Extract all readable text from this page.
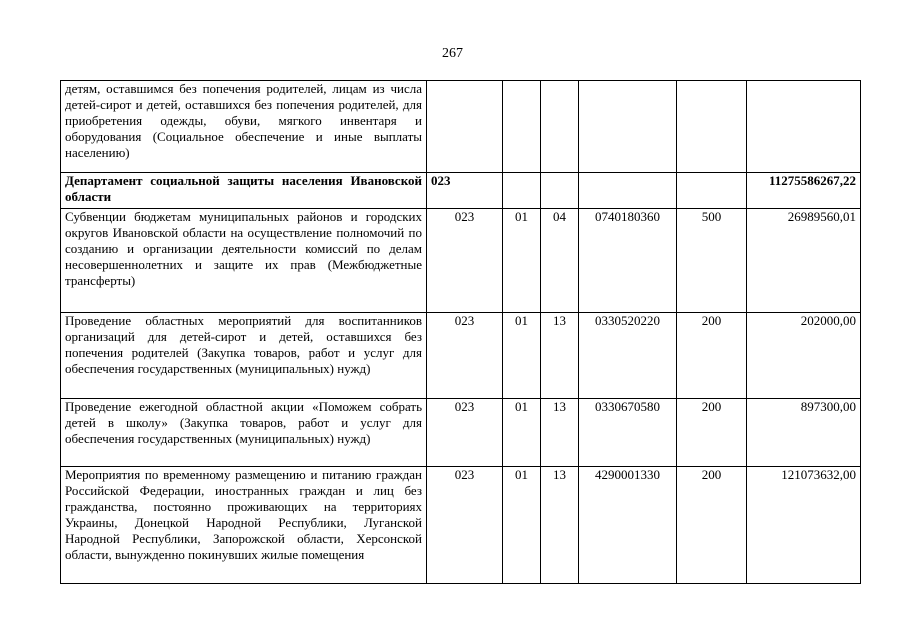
267
детям, оставшимся без попечения родителей, лицам из числа детей-сирот и детей, оставшихся без попечения родителей, для приобретения одежды, обуви, мягкого инвентаря и оборудования (Социальное обеспечение и иные выплаты населению)						
Департамент социальной защиты населения Ивановской области	023					11275586267,22
Субвенции бюджетам муниципальных районов и городских округов Ивановской области на осуществление полномочий по созданию и организации деятельности комиссий по делам несовершеннолетних и защите их прав (Межбюджетные трансферты)	023	01	04	0740180360	500	26989560,01
Проведение областных мероприятий для воспитанников организаций для детей-сирот и детей, оставшихся без попечения родителей (Закупка товаров, работ и услуг для обеспечения государственных (муниципальных) нужд)	023	01	13	0330520220	200	202000,00
Проведение ежегодной областной акции «Поможем собрать детей в школу» (Закупка товаров, работ и услуг для обеспечения государственных (муниципальных) нужд)	023	01	13	0330670580	200	897300,00
Мероприятия по временному размещению и питанию граждан Российской Федерации, иностранных граждан и лиц без гражданства, постоянно проживающих на территориях Украины, Донецкой Народной Республики, Луганской Народной Республики, Запорожской области, Херсонской области, вынужденно покинувших жилые помещения	023	01	13	4290001330	200	121073632,00
